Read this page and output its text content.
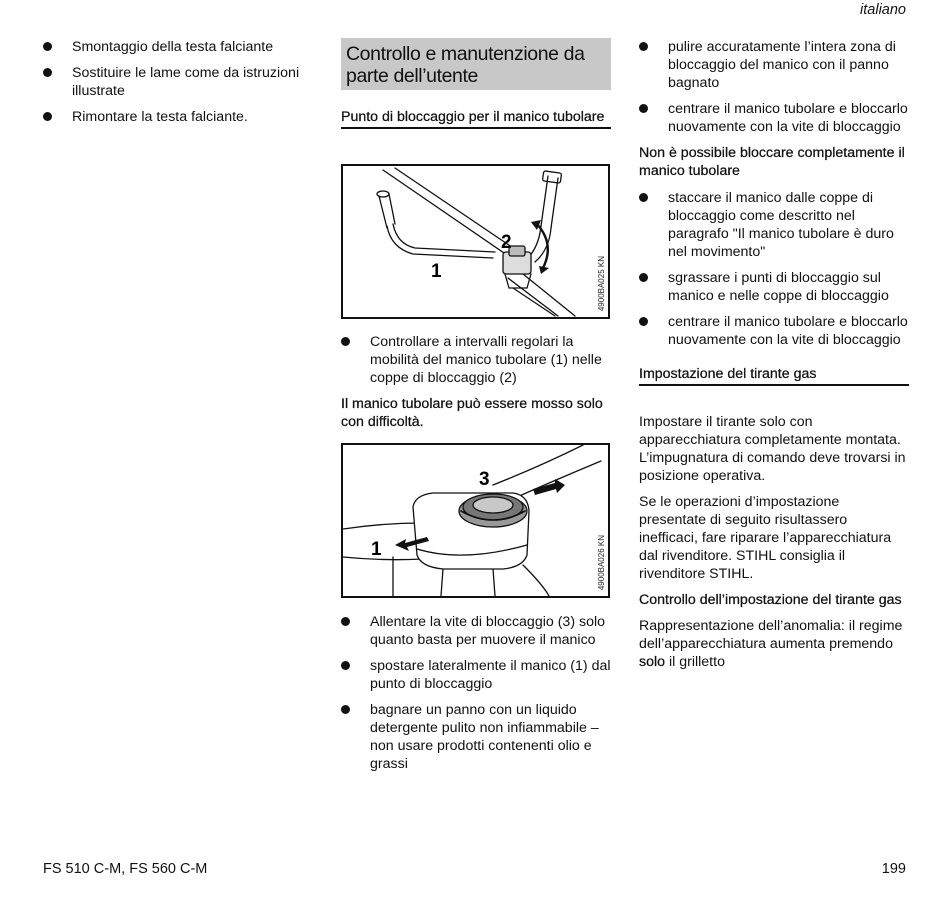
italiano
Smontaggio della testa falciante
Sostituire le lame come da istruzioni illustrate
Rimontare la testa falciante.
Controllo e manutenzione da parte dell’utente
Punto di bloccaggio per il manico tubolare
2
1	4900BA025 KN
Controllare a intervalli regolari la mobilità del manico tubolare (1) nelle coppe di bloccaggio (2)
Il manico tubolare può essere mosso solo con difficoltà.
3
1	4900BA026 KN
Allentare la vite di bloccaggio (3) solo quanto basta per muovere il manico
spostare lateralmente il manico (1) dal punto di bloccaggio
bagnare un panno con un liquido detergente pulito non infiammabile – non usare prodotti contenenti olio e grassi
pulire accuratamente l’intera zona di bloccaggio del manico con il panno bagnato
centrare il manico tubolare e bloccarlo nuovamente con la vite di bloccaggio
Non è possibile bloccare completamente il manico tubolare
staccare il manico dalle coppe di bloccaggio come descritto nel paragrafo "Il manico tubolare è duro nel movimento"
sgrassare i punti di bloccaggio sul manico e nelle coppe di bloccaggio
centrare il manico tubolare e bloccarlo nuovamente con la vite di bloccaggio
Impostazione del tirante gas

Impostare il tirante solo con apparecchiatura completamente montata. L’impugnatura di comando deve trovarsi in posizione operativa.

Se le operazioni d’impostazione presentate di seguito risultassero inefficaci, fare riparare l’apparecchiatura dal rivenditore. STIHL consiglia il rivenditore STIHL.

Controllo dell’impostazione del tirante gas

Rappresentazione dell’anomalia: il regime dell’apparecchiatura aumenta premendo solo il grilletto

FS 510 C-M, FS 560 C-M	199
